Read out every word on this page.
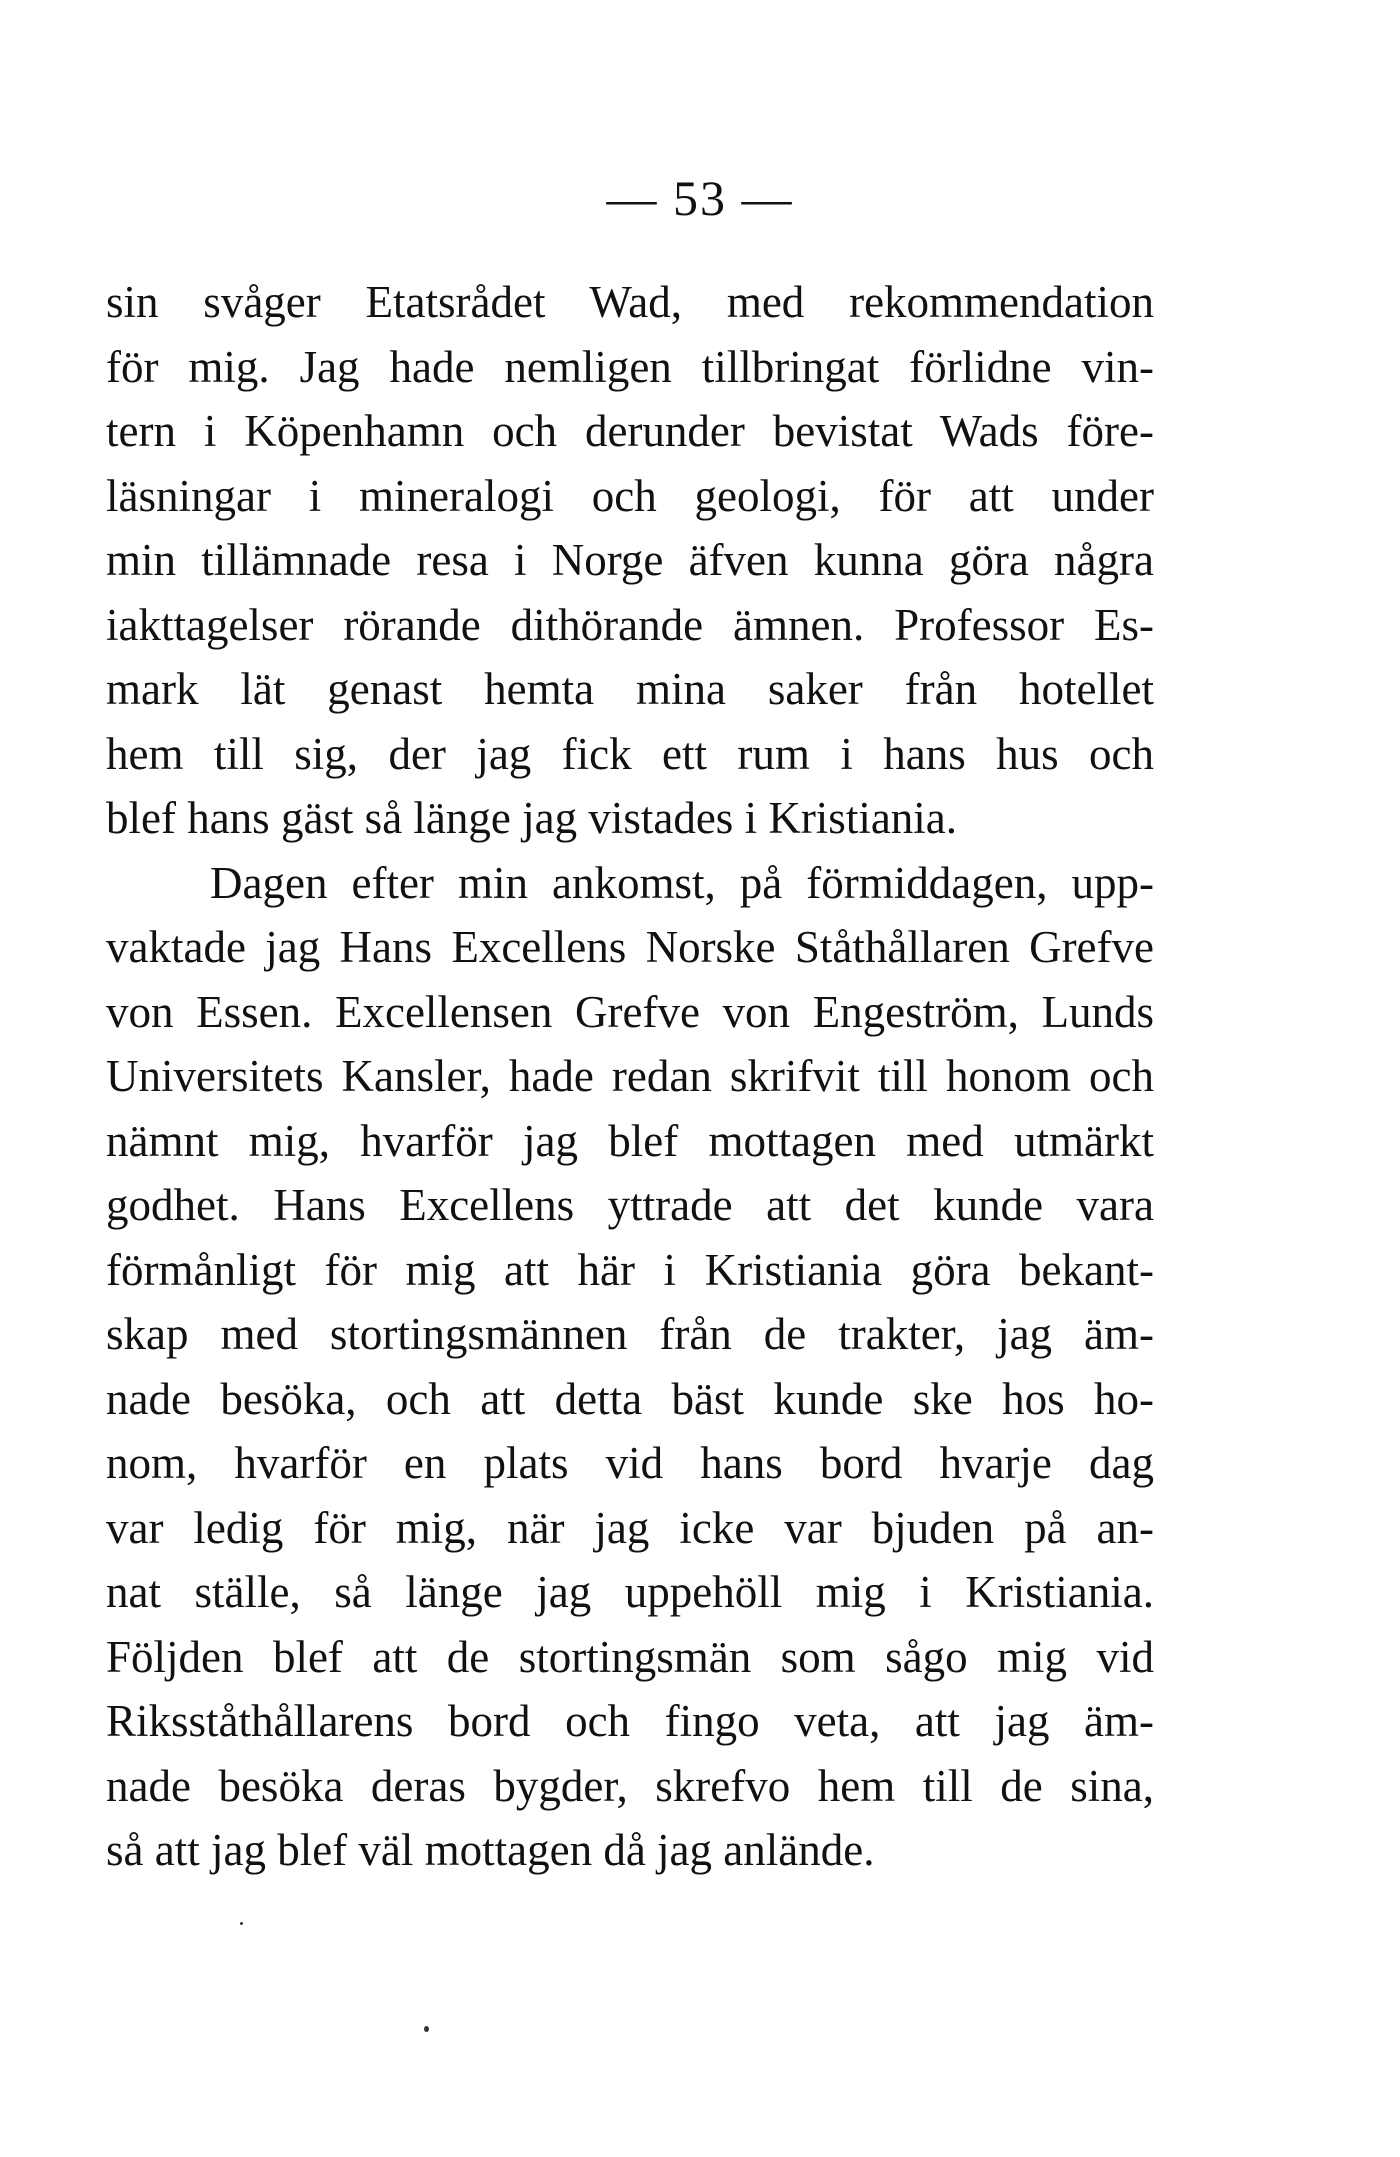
— 53 —
sin svåger Etatsrådet Wad, med rekommendation
för mig. Jag hade nemligen tillbringat förlidne vin-
tern i Köpenhamn och derunder bevistat Wads före-
läsningar i mineralogi och geologi, för att under
min tillämnade resa i Norge äfven kunna göra några
iakttagelser rörande dithörande ämnen. Professor Es-
mark lät genast hemta mina saker från hotellet
hem till sig, der jag fick ett rum i hans hus och
blef hans gäst så länge jag vistades i Kristiania.
Dagen efter min ankomst, på förmiddagen, upp-
vaktade jag Hans Excellens Norske Ståthållaren Grefve
von Essen. Excellensen Grefve von Engeström, Lunds
Universitets Kansler, hade redan skrifvit till honom och
nämnt mig, hvarför jag blef mottagen med utmärkt
godhet. Hans Excellens yttrade att det kunde vara
förmånligt för mig att här i Kristiania göra bekant-
skap med stortingsmännen från de trakter, jag äm-
nade besöka, och att detta bäst kunde ske hos ho-
nom, hvarför en plats vid hans bord hvarje dag
var ledig för mig, när jag icke var bjuden på an-
nat ställe, så länge jag uppehöll mig i Kristiania.
Följden blef att de stortingsmän som sågo mig vid
Riksståthållarens bord och fingo veta, att jag äm-
nade besöka deras bygder, skrefvo hem till de sina,
så att jag blef väl mottagen då jag anlände.
